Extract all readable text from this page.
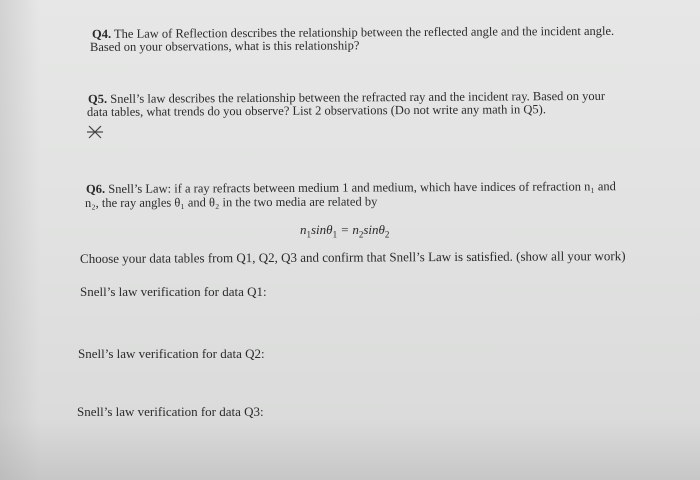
Q4. The Law of Reflection describes the relationship between the reflected angle and the incident angle.
Based on your observations, what is this relationship?
Q5. Snell’s law describes the relationship between the refracted ray and the incident ray. Based on your
data tables, what trends do you observe? List 2 observations (Do not write any math in Q5).
Q6. Snell’s Law: if a ray refracts between medium 1 and medium, which have indices of refraction n₁ and
n₂, the ray angles θ₁ and θ₂ in the two media are related by
$n_1\sin\theta_1 = n_2\sin\theta_2$
Choose your data tables from Q1, Q2, Q3 and confirm that Snell’s Law is satisfied. (show all your work)
Snell’s law verification for data Q1:
Snell’s law verification for data Q2:
Snell’s law verification for data Q3:
